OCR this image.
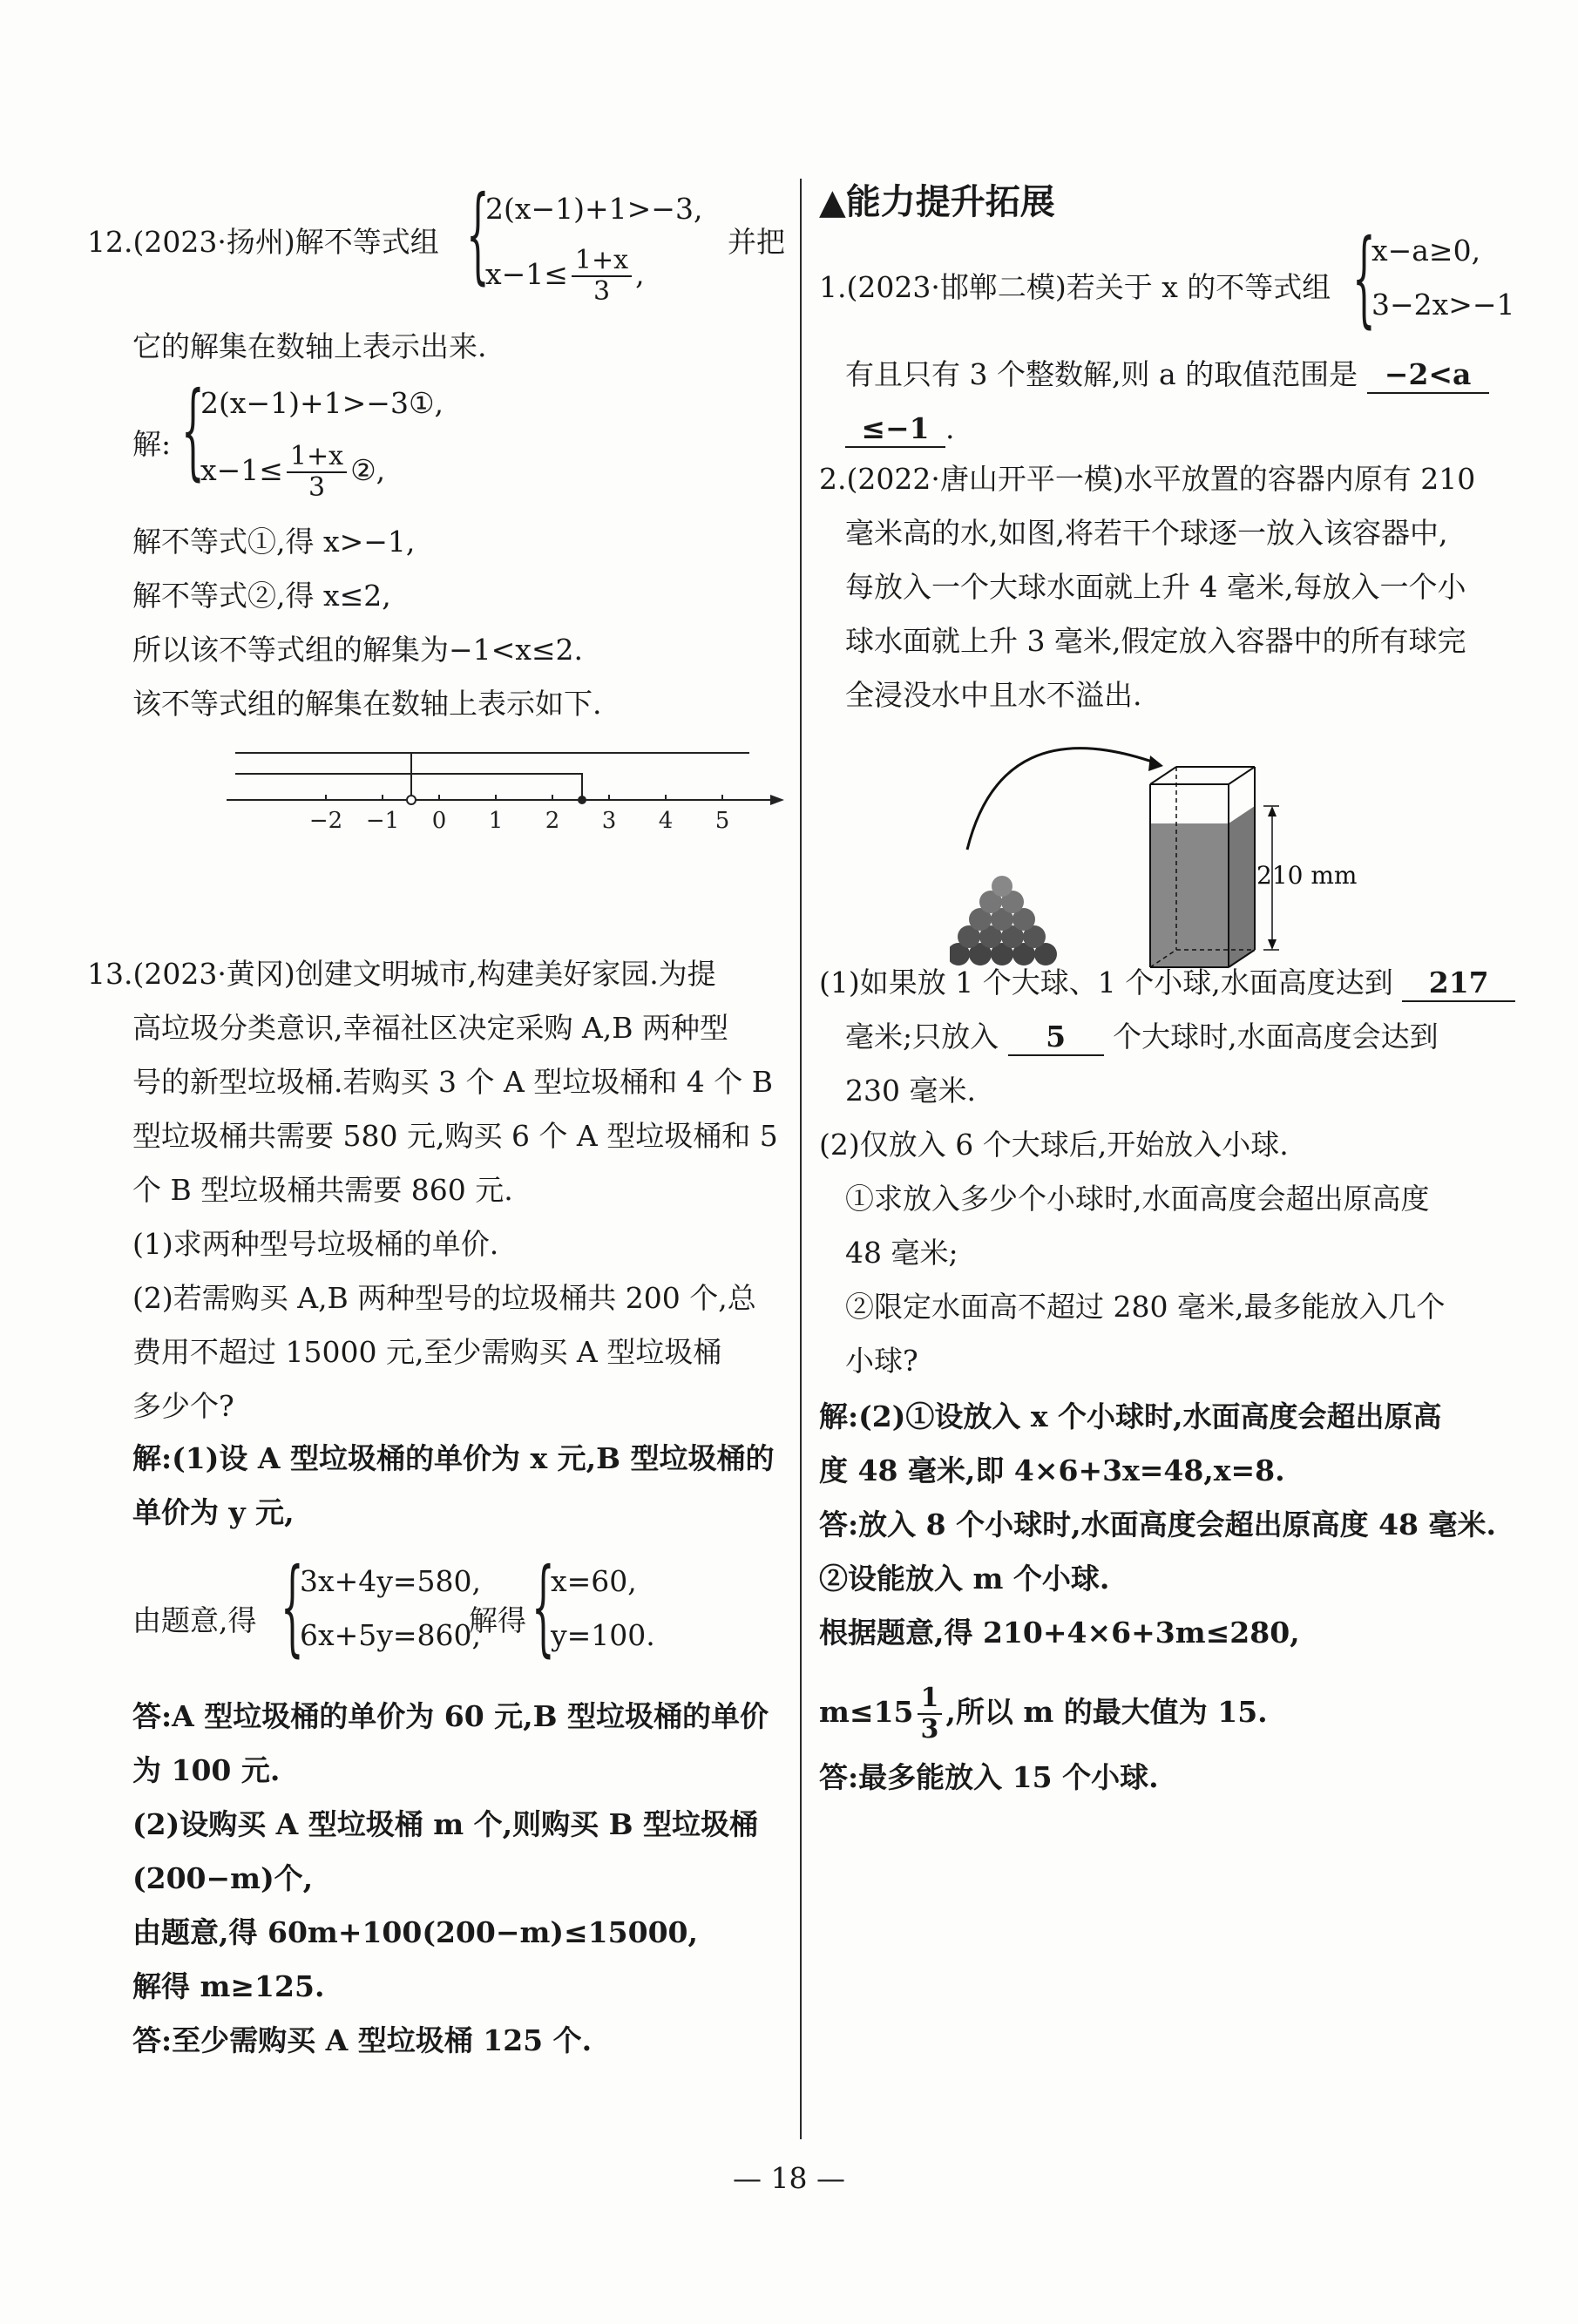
12.(2023·扬州)解不等式组 {
2(x−1)+1>−3,
$x-1\le \frac{1+x}{3}$ ,
并把
它的解集在数轴上表示出来.
解: {
2(x−1)+1>−3①,
$x-1\le \frac{1+x}{3}$ ②,
解不等式①,得 x>−1,
解不等式②,得 x≤2,
所以该不等式组的解集为−1<x≤2.
该不等式组的解集在数轴上表示如下.
−2 −1 0 1 2 3 4 5
13.(2023·黄冈)创建文明城市,构建美好家园.为提
高垃圾分类意识,幸福社区决定采购 A,B 两种型
号的新型垃圾桶.若购买 3 个 A 型垃圾桶和 4 个 B
型垃圾桶共需要 580 元,购买 6 个 A 型垃圾桶和 5
个 B 型垃圾桶共需要 860 元.
(1)求两种型号垃圾桶的单价.
(2)若需购买 A,B 两种型号的垃圾桶共 200 个,总
费用不超过 15000 元,至少需购买 A 型垃圾桶
多少个?
解:(1)设 A 型垃圾桶的单价为 x 元,B 型垃圾桶的
单价为 y 元,
由题意,得 {
3x+4y=580,
6x+5y=860,
解得 {
x=60,
y=100.
答:A 型垃圾桶的单价为 60 元,B 型垃圾桶的单价
为 100 元.
(2)设购买 A 型垃圾桶 m 个,则购买 B 型垃圾桶
(200−m)个,
由题意,得 60m+100(200−m)≤15000,
解得 m≥125.
答:至少需购买 A 型垃圾桶 125 个.
▲能力提升拓展
1.(2023·邯郸二模)若关于 x 的不等式组 {
x−a≥0,
3−2x>−1
有且只有 3 个整数解,则 a 的取值范围是 −2<a
≤−1 .
2.(2022·唐山开平一模)水平放置的容器内原有 210
毫米高的水,如图,将若干个球逐一放入该容器中,
每放入一个大球水面就上升 4 毫米,每放入一个小
球水面就上升 3 毫米,假定放入容器中的所有球完
全浸没水中且水不溢出.
210 mm
(1)如果放 1 个大球、1 个小球,水面高度达到 217
毫米;只放入 5 个大球时,水面高度会达到
230 毫米.
(2)仅放入 6 个大球后,开始放入小球.
①求放入多少个小球时,水面高度会超出原高度
48 毫米;
②限定水面高不超过 280 毫米,最多能放入几个
小球?
解:(2)①设放入 x 个小球时,水面高度会超出原高
度 48 毫米,即 4×6+3x=48,x=8.
答:放入 8 个小球时,水面高度会超出原高度 48 毫米.
②设能放入 m 个小球.
根据题意,得 210+4×6+3m≤280,
$m\le 15 \frac{1}{3}$ ,所以 m 的最大值为 15.
答:最多能放入 15 个小球.
— 18 —
